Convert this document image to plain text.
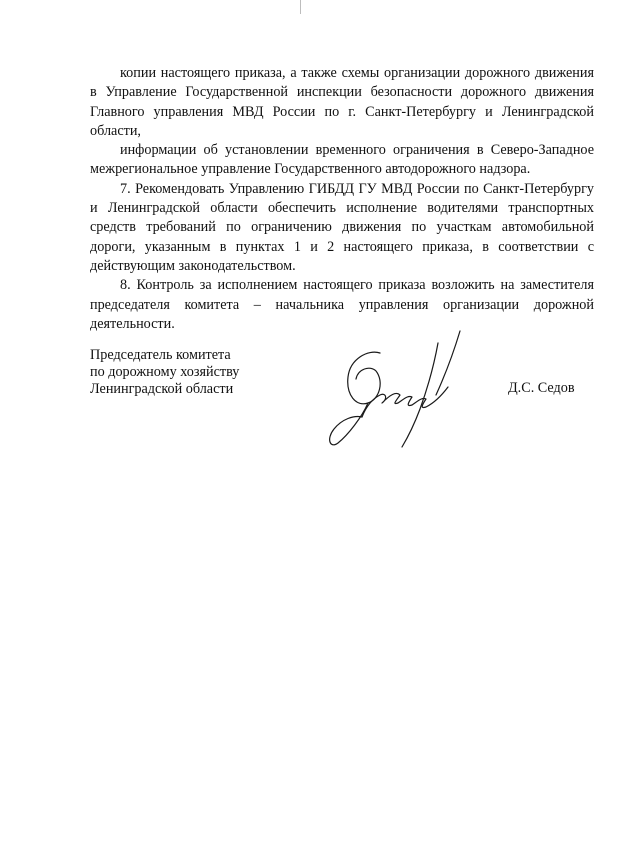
копии настоящего приказа, а также схемы организации дорожного движения в Управление Государственной инспекции безопасности дорожного движения Главного управления МВД России по г. Санкт-Петербургу и Ленинградской области,

информации об установлении временного ограничения в Северо-Западное межрегиональное управление Государственного автодорожного надзора.

7. Рекомендовать Управлению ГИБДД ГУ МВД России по Санкт-Петербургу и Ленинградской области обеспечить исполнение водителями транспортных средств требований по ограничению движения по участкам автомобильной дороги, указанным в пунктах 1 и 2 настоящего приказа, в соответствии с действующим законодательством.

8. Контроль за исполнением настоящего приказа возложить на заместителя председателя комитета – начальника управления организации дорожной деятельности.

Председатель комитета
по дорожному хозяйству
Ленинградской области	Д.С. Седов
